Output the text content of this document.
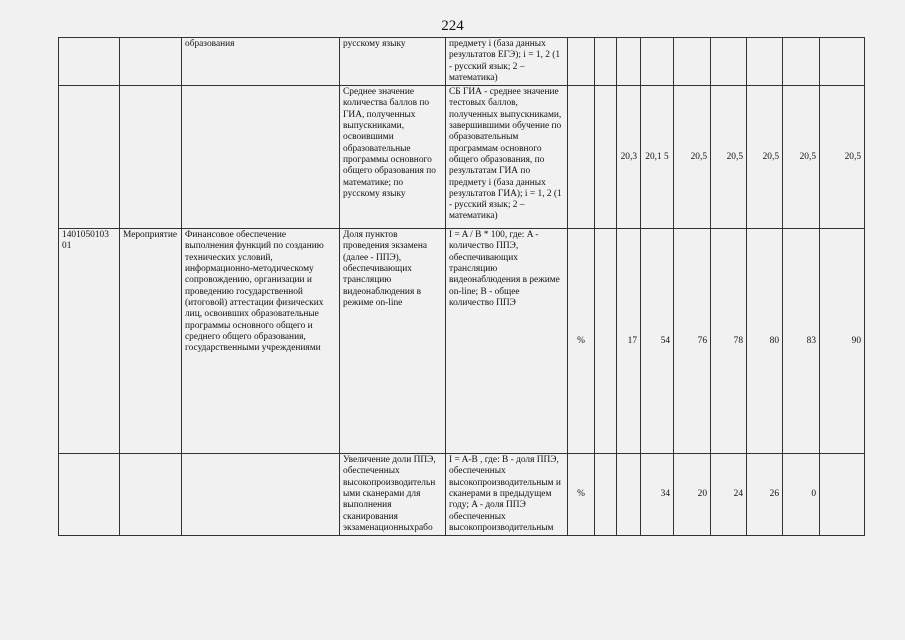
224
		образования	русскому языку	предмету i (база данных результатов ЕГЭ); i = 1, 2 (1 - русский язык; 2 – математика)									
			Среднее значение количества баллов по ГИА, полученных выпускниками, освоившими образовательные программы основного общего образования по математике; по русскому языку	СБ ГИА - среднее значение тестовых баллов, полученных выпускниками, завершившими обучение по образовательным программам основного общего образования, по результатам ГИА по предмету i (база данных результатов ГИА); i = 1, 2 (1 - русский язык; 2 – математика)			20,3	20,1 5	20,5	20,5	20,5	20,5	20,5
1401050103 01	Мероприятие	Финансовое обеспечение выполнения функций по созданию технических условий, информационно-методическому сопровождению, организации и проведению государственной (итоговой) аттестации физических лиц, освоивших образовательные программы основного общего и среднего общего образования, государственными учреждениями	Доля пунктов проведения экзамена (далее - ППЭ), обеспечивающих трансляцию видеонаблюдения в режиме on-line	I = A / B * 100, где: A - количество ППЭ, обеспечивающих трансляцию видеонаблюдения в режиме on-line; B - общее количество ППЭ	%		17	54	76	78	80	83	90
			Увеличение доли ППЭ, обеспеченных высокопроизводительн ыми сканерами для выполнения сканирования экзаменационныхрабо	I = A-B , где: B - доля ППЭ, обеспеченных высокопроизводительным и сканерами в предыдущем году; A - доля ППЭ обеспеченных высокопроизводительным	%			34	20	24	26	0	
